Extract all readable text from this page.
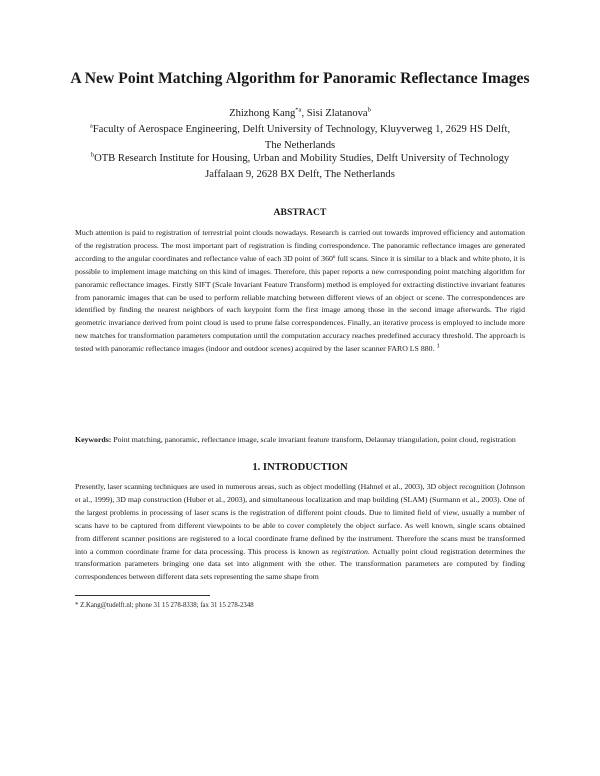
A New Point Matching Algorithm for Panoramic Reflectance Images
Zhizhong Kang$^{*a}$, Sisi Zlatanova$^b$
$^a$Faculty of Aerospace Engineering, Delft University of Technology, Kluyverweg 1, 2629 HS Delft,
The Netherlands
$^b$OTB Research Institute for Housing, Urban and Mobility Studies, Delft University of Technology
Jaffalaan 9, 2628 BX Delft, The Netherlands
ABSTRACT
Much attention is paid to registration of terrestrial point clouds nowadays. Research is carried out towards improved efficiency and automation of the registration process. The most important part of registration is finding correspondence. The panoramic reflectance images are generated according to the angular coordinates and reflectance value of each 3D point of 360º full scans. Since it is similar to a black and white photo, it is possible to implement image matching on this kind of images. Therefore, this paper reports a new corresponding point matching algorithm for panoramic reflectance images. Firstly SIFT (Scale Invariant Feature Transform) method is employed for extracting distinctive invariant features from panoramic images that can be used to perform reliable matching between different views of an object or scene. The correspondences are identified by finding the nearest neighbors of each keypoint form the first image among those in the second image afterwards. The rigid geometric invariance derived from point cloud is used to prune false correspondences. Finally, an iterative process is employed to include more new matches for transformation parameters computation until the computation accuracy reaches predefined accuracy threshold. The approach is tested with panoramic reflectance images (indoor and outdoor scenes) acquired by the laser scanner FARO LS 880. $^1$
Keywords: Point matching, panoramic, reflectance image, scale invariant feature transform, Delaunay triangulation, point cloud, registration
1. INTRODUCTION
Presently, laser scanning techniques are used in numerous areas, such as object modelling (Hahnel et al., 2003), 3D object recognition (Johnson et al., 1999), 3D map construction (Huber et al., 2003), and simultaneous localization and map building (SLAM) (Surmann et al., 2003). One of the largest problems in processing of laser scans is the registration of different point clouds. Due to limited field of view, usually a number of scans have to be captured from different viewpoints to be able to cover completely the object surface. As well known, single scans obtained from different scanner positions are registered to a local coordinate frame defined by the instrument. Therefore the scans must be transformed into a common coordinate frame for data processing. This process is known as registration. Actually point cloud registration determines the transformation parameters bringing one data set into alignment with the other. The transformation parameters are computed by finding correspondences between different data sets representing the same shape from
* Z.Kang@tudelft.nl; phone 31 15 278-8338; fax 31 15 278-2348
